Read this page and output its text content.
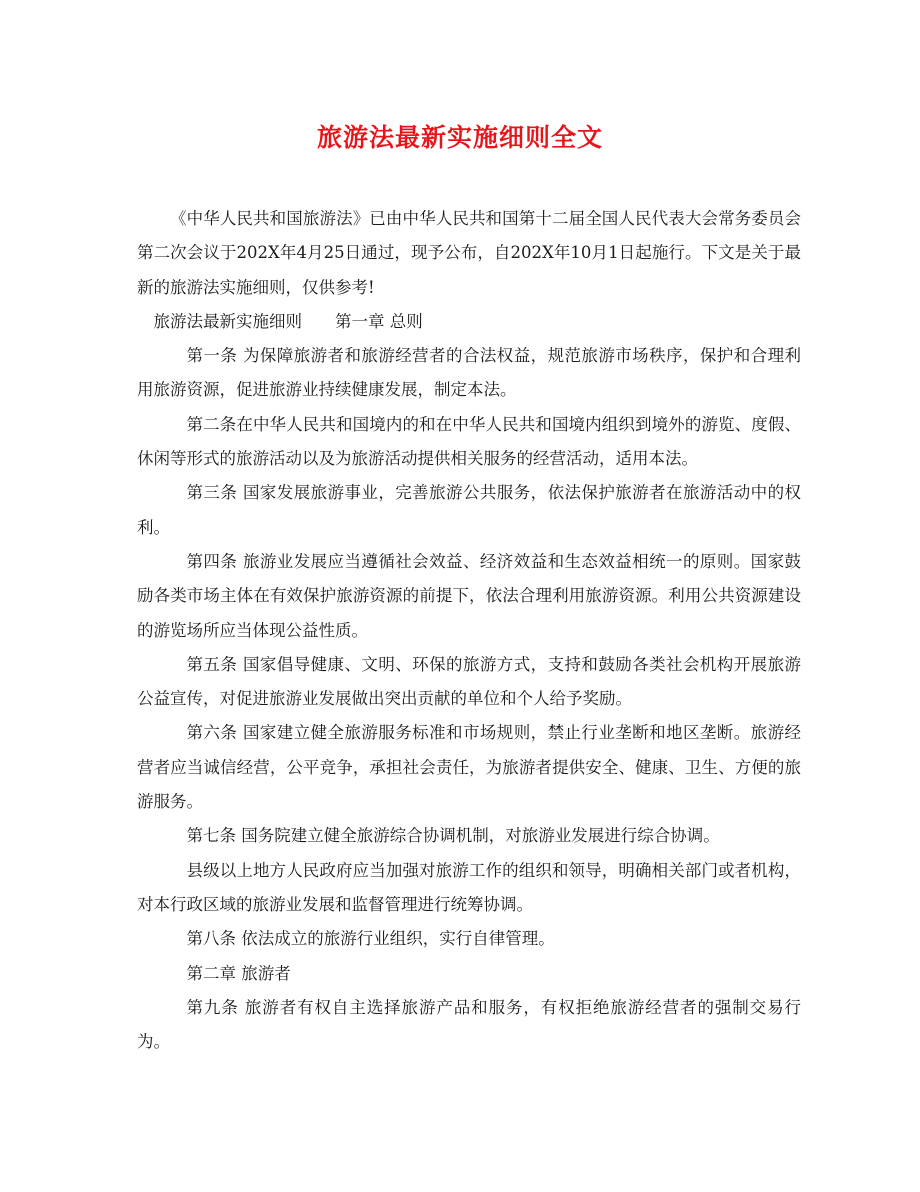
旅游法最新实施细则全文

《中华人民共和国旅游法》已由中华人民共和国第十二届全国人民代表大会常务委员会第二次会议于202X年4月25日通过，现予公布，自202X年10月1日起施行。下文是关于最新的旅游法实施细则，仅供参考!

旅游法最新实施细则　　第一章 总则

第一条 为保障旅游者和旅游经营者的合法权益，规范旅游市场秩序，保护和合理利用旅游资源，促进旅游业持续健康发展，制定本法。

第二条在中华人民共和国境内的和在中华人民共和国境内组织到境外的游览、度假、休闲等形式的旅游活动以及为旅游活动提供相关服务的经营活动，适用本法。

第三条 国家发展旅游事业，完善旅游公共服务，依法保护旅游者在旅游活动中的权利。

第四条 旅游业发展应当遵循社会效益、经济效益和生态效益相统一的原则。国家鼓励各类市场主体在有效保护旅游资源的前提下，依法合理利用旅游资源。利用公共资源建设的游览场所应当体现公益性质。

第五条 国家倡导健康、文明、环保的旅游方式，支持和鼓励各类社会机构开展旅游公益宣传，对促进旅游业发展做出突出贡献的单位和个人给予奖励。

第六条 国家建立健全旅游服务标准和市场规则，禁止行业垄断和地区垄断。旅游经营者应当诚信经营，公平竞争，承担社会责任，为旅游者提供安全、健康、卫生、方便的旅游服务。

第七条 国务院建立健全旅游综合协调机制，对旅游业发展进行综合协调。

县级以上地方人民政府应当加强对旅游工作的组织和领导，明确相关部门或者机构，对本行政区域的旅游业发展和监督管理进行统筹协调。

第八条 依法成立的旅游行业组织，实行自律管理。

第二章 旅游者

第九条 旅游者有权自主选择旅游产品和服务，有权拒绝旅游经营者的强制交易行为。
